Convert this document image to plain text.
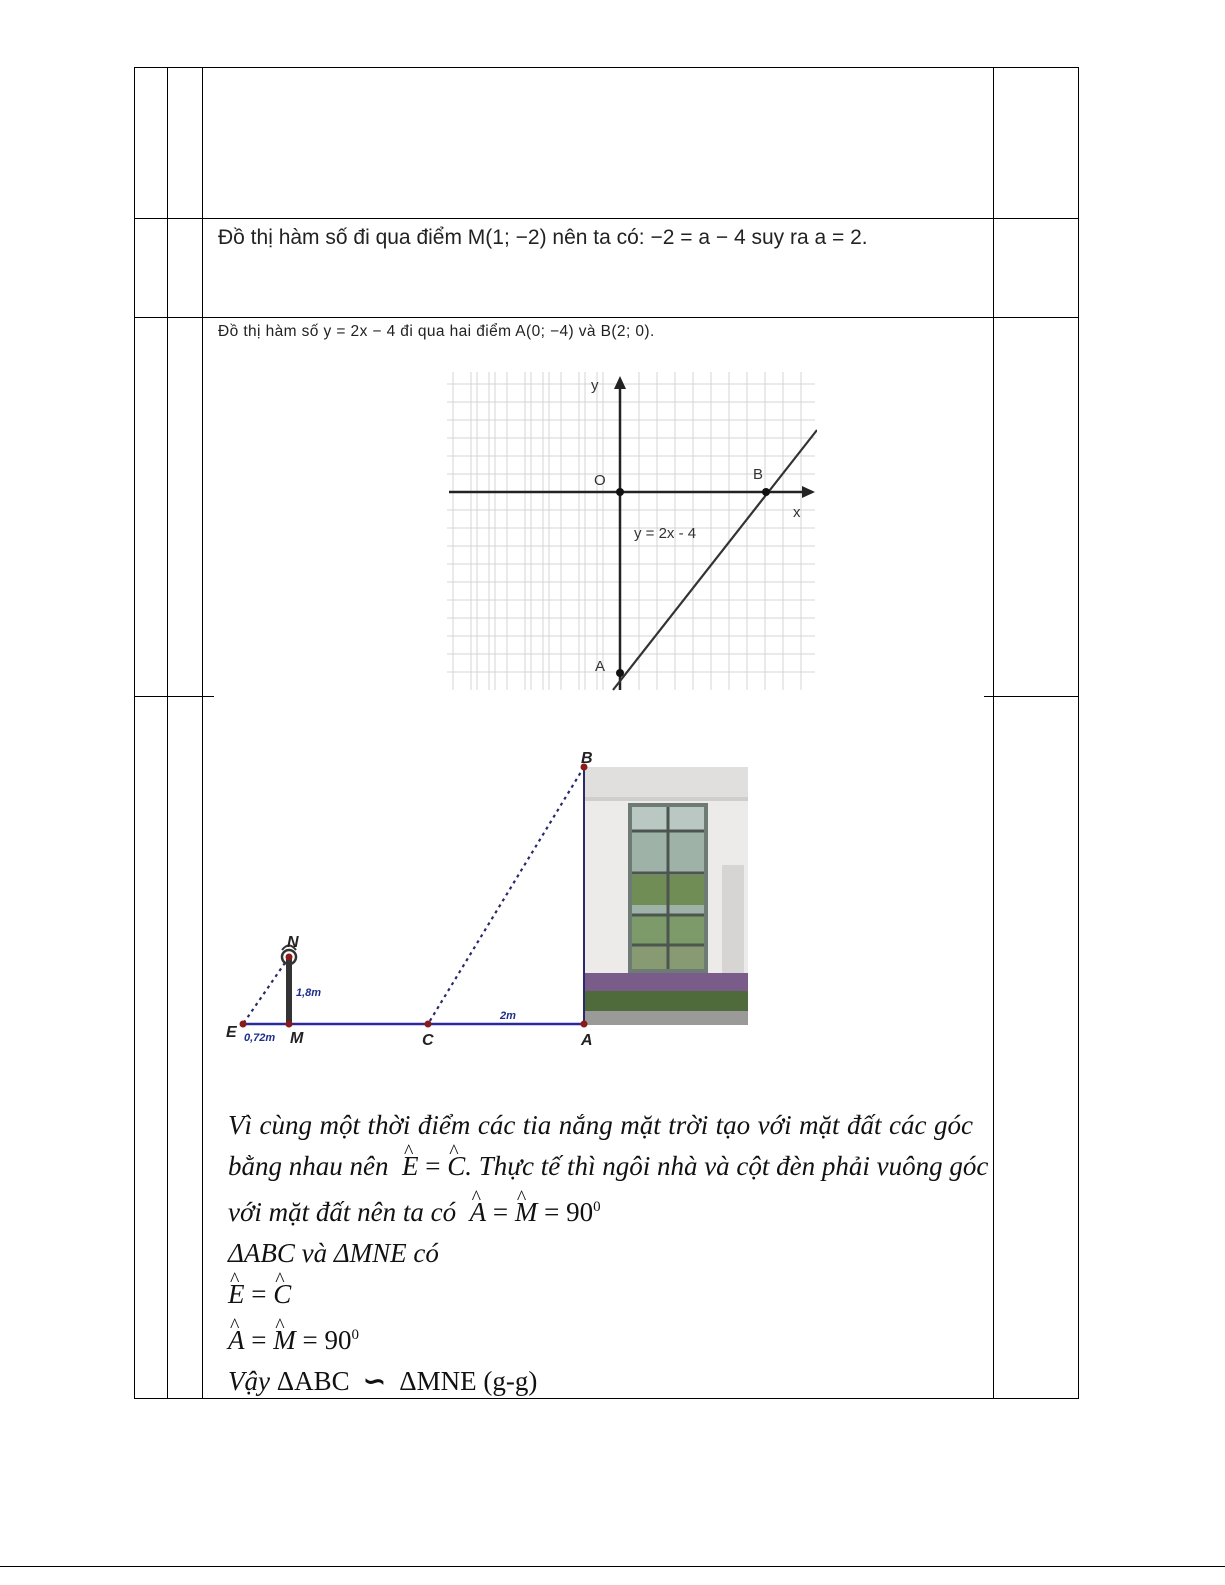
Đồ thị hàm số đi qua điểm M(1; −2) nên ta có: −2 = a − 4 suy ra a = 2.
Đồ thị hàm số y = 2x − 4 đi qua hai điểm A(0; −4) và B(2; 0).
y
x
O	B
A
y = 2x - 4
B
N
E	M	C	A
1,8m
0,72m
2m

Vì cùng một thời điểm các tia nắng mặt trời tạo với mặt đất các góc

bằng nhau nên ^ E = ^ C. Thực tế thì ngôi nhà và cột đèn phải vuông góc

với mặt đất nên ta có ^ A = ^ $M = 90^0$

ΔABC và ΔMNE có

^ E = ^ C

^ A = ^ $M = 90^0$

Vậy ΔABC ∽ ΔMNE (g-g)
